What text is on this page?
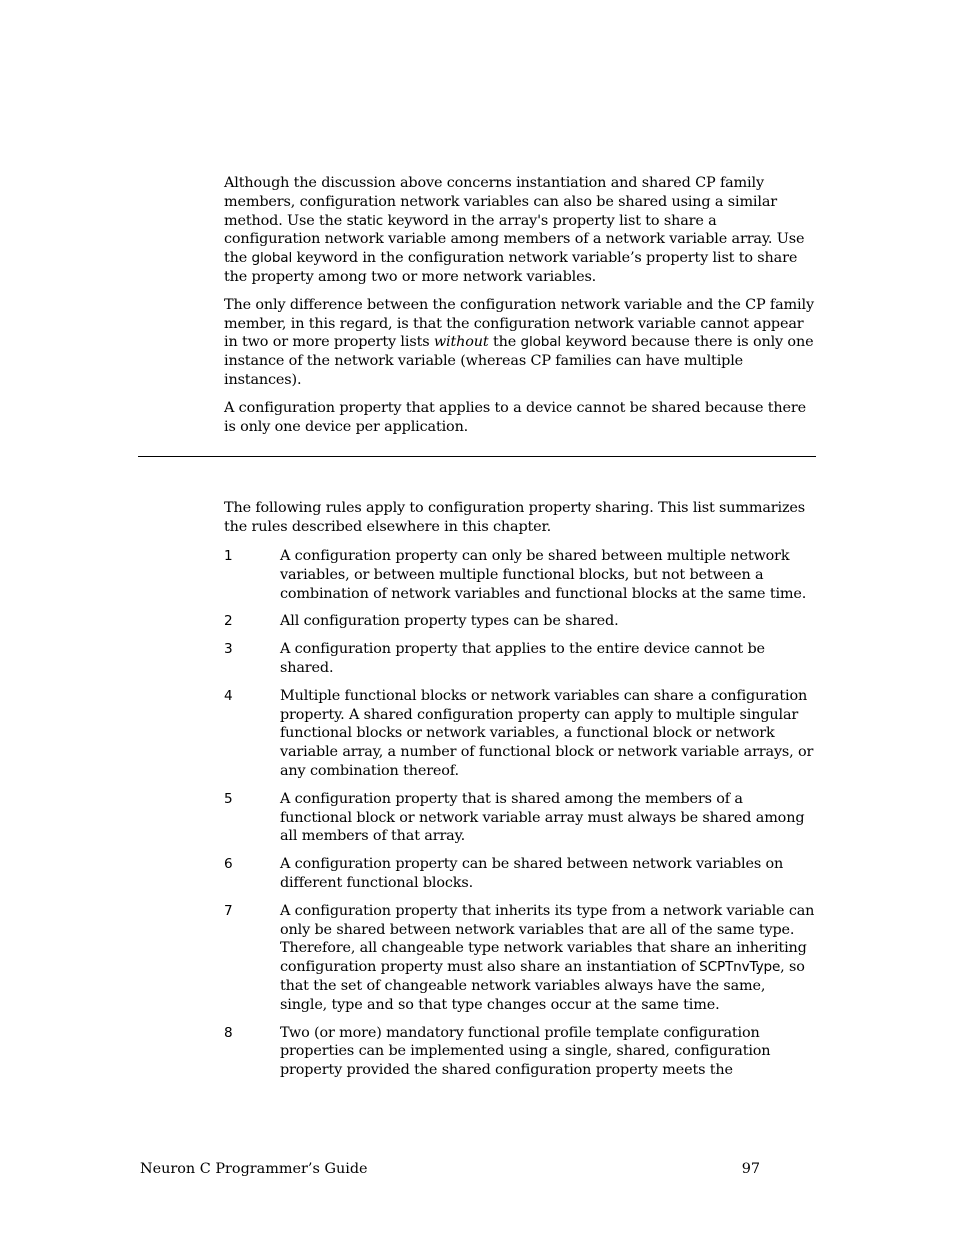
Although the discussion above concerns instantiation and shared CP family members, configuration network variables can also be shared using a similar method. Use the static keyword in the array's property list to share a configuration network variable among members of a network variable array. Use the global keyword in the configuration network variable’s property list to share the property among two or more network variables.

The only difference between the configuration network variable and the CP family member, in this regard, is that the configuration network variable cannot appear in two or more property lists without the global keyword because there is only one instance of the network variable (whereas CP families can have multiple instances).

A configuration property that applies to a device cannot be shared because there is only one device per application.

The following rules apply to configuration property sharing. This list summarizes the rules described elsewhere in this chapter.

1	A configuration property can only be shared between multiple network variables, or between multiple functional blocks, but not between a combination of network variables and functional blocks at the same time.
2	All configuration property types can be shared.
3	A configuration property that applies to the entire device cannot be shared.
4	Multiple functional blocks or network variables can share a configuration property. A shared configuration property can apply to multiple singular functional blocks or network variables, a functional block or network variable array, a number of functional block or network variable arrays, or any combination thereof.
5	A configuration property that is shared among the members of a functional block or network variable array must always be shared among all members of that array.
6	A configuration property can be shared between network variables on different functional blocks.
7	A configuration property that inherits its type from a network variable can only be shared between network variables that are all of the same type. Therefore, all changeable type network variables that share an inheriting configuration property must also share an instantiation of SCPTnvType, so that the set of changeable network variables always have the same, single, type and so that type changes occur at the same time.
8	Two (or more) mandatory functional profile template configuration properties can be implemented using a single, shared, configuration property provided the shared configuration property meets the
Neuron C Programmer’s Guide	97
